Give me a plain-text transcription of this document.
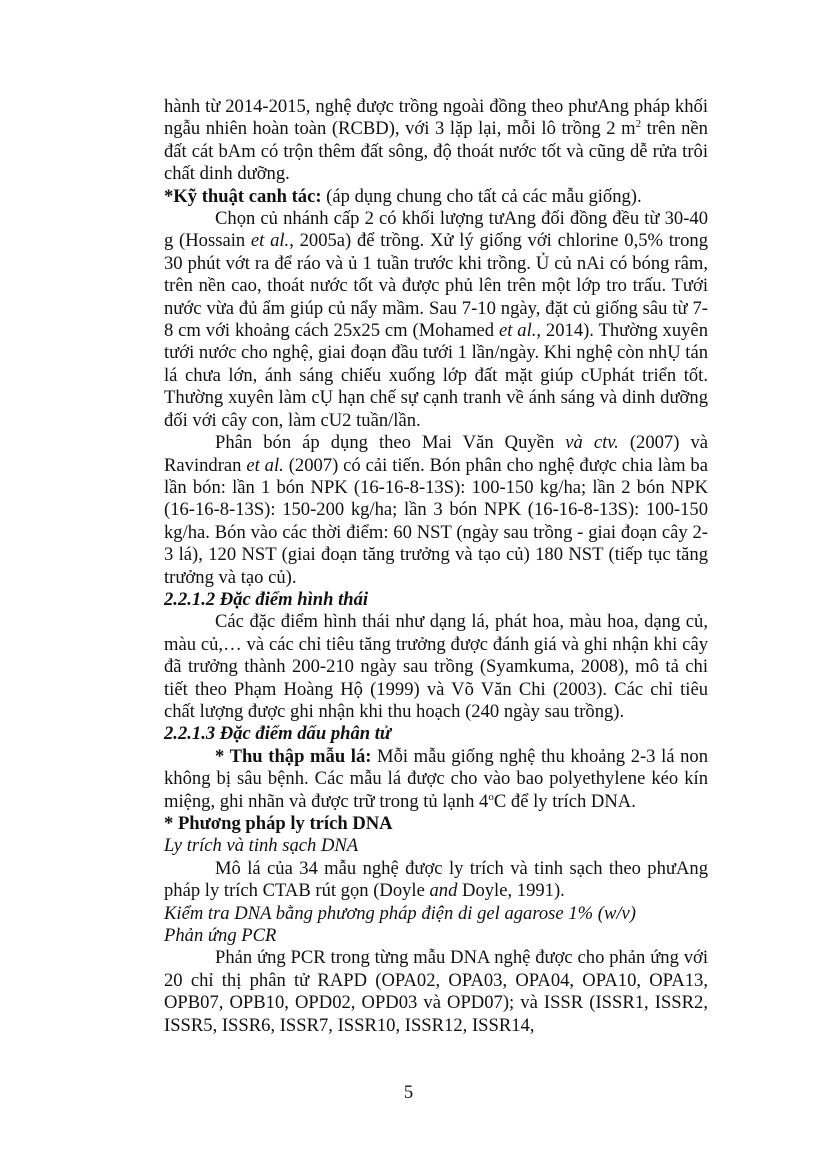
hành từ 2014-2015, nghệ được trồng ngoài đồng theo phưAng pháp khối ngẫu nhiên hoàn toàn (RCBD), với 3 lặp lại, mỗi lô trồng 2 $m^2$ trên nền đất cát bAm có trộn thêm đất sông, độ thoát nước tốt và cũng dễ rửa trôi chất dinh dưỡng.

*Kỹ thuật canh tác: (áp dụng chung cho tất cả các mẫu giống).

Chọn củ nhánh cấp 2 có khối lượng tưAng đối đồng đều từ 30-40 g (Hossain et al., 2005a) để trồng. Xử lý giống với chlorine 0,5% trong 30 phút vớt ra để ráo và ủ 1 tuần trước khi trồng. Ủ củ nAi có bóng râm, trên nền cao, thoát nước tốt và được phủ lên trên một lớp tro trấu. Tưới nước vừa đủ ẩm giúp củ nẩy mầm. Sau 7-10 ngày, đặt củ giống sâu từ 7-8 cm với khoảng cách 25x25 cm (Mohamed et al., 2014). Thường xuyên tưới nước cho nghệ, giai đoạn đầu tưới 1 lần/ngày. Khi nghệ còn nhỤ tán lá chưa lớn, ánh sáng chiếu xuống lớp đất mặt giúp cUphát triển tốt. Thường xuyên làm cỤ hạn chế sự cạnh tranh về ánh sáng và dinh dưỡng đối với cây con, làm cU2 tuần/lần.

Phân bón áp dụng theo Mai Văn Quyền và ctv. (2007) và Ravindran et al. (2007) có cải tiến. Bón phân cho nghệ được chia làm ba lần bón: lần 1 bón NPK (16-16-8-13S): 100-150 kg/ha; lần 2 bón NPK (16-16-8-13S): 150-200 kg/ha; lần 3 bón NPK (16-16-8-13S): 100-150 kg/ha. Bón vào các thời điểm: 60 NST (ngày sau trồng - giai đoạn cây 2-3 lá), 120 NST (giai đoạn tăng trưởng và tạo củ) 180 NST (tiếp tục tăng trưởng và tạo củ).

2.2.1.2 Đặc điểm hình thái

Các đặc điểm hình thái như dạng lá, phát hoa, màu hoa, dạng củ, màu củ,… và các chỉ tiêu tăng trưởng được đánh giá và ghi nhận khi cây đã trưởng thành 200-210 ngày sau trồng (Syamkuma, 2008), mô tả chi tiết theo Phạm Hoàng Hộ (1999) và Võ Văn Chi (2003). Các chỉ tiêu chất lượng được ghi nhận khi thu hoạch (240 ngày sau trồng).

2.2.1.3 Đặc điểm dấu phân tử

* Thu thập mẫu lá: Mỗi mẫu giống nghệ thu khoảng 2-3 lá non không bị sâu bệnh. Các mẫu lá được cho vào bao polyethylene kéo kín miệng, ghi nhãn và được trữ trong tủ lạnh 4$^o$C để ly trích DNA.

* Phương pháp ly trích DNA

Ly trích và tinh sạch DNA

Mô lá của 34 mẫu nghệ được ly trích và tinh sạch theo phưAng pháp ly trích CTAB rút gọn (Doyle and Doyle, 1991).

Kiểm tra DNA bằng phương pháp điện di gel agarose 1% (w/v)

Phản ứng PCR

Phản ứng PCR trong từng mẫu DNA nghệ được cho phản ứng với 20 chỉ thị phân tử RAPD (OPA02, OPA03, OPA04, OPA10, OPA13, OPB07, OPB10, OPD02, OPD03 và OPD07); và ISSR (ISSR1, ISSR2, ISSR5, ISSR6, ISSR7, ISSR10, ISSR12, ISSR14,

5
